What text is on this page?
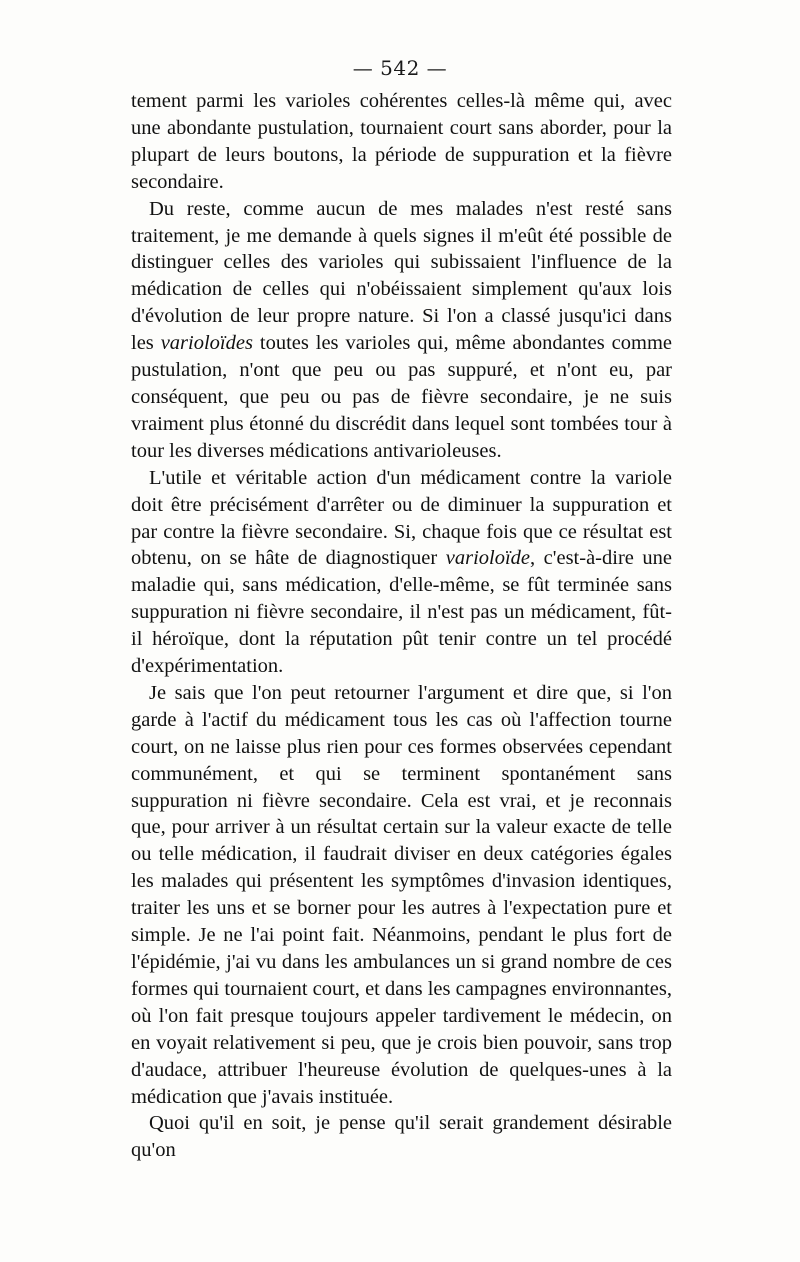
— 542 —

tement parmi les varioles cohérentes celles-là même qui, avec une abondante pustulation, tournaient court sans aborder, pour la plupart de leurs boutons, la période de suppuration et la fièvre secondaire.

Du reste, comme aucun de mes malades n'est resté sans traitement, je me demande à quels signes il m'eût été possible de distinguer celles des varioles qui subissaient l'influence de la médication de celles qui n'obéissaient simplement qu'aux lois d'évolution de leur propre nature. Si l'on a classé jusqu'ici dans les varioloïdes toutes les varioles qui, même abondantes comme pustulation, n'ont que peu ou pas suppuré, et n'ont eu, par conséquent, que peu ou pas de fièvre secondaire, je ne suis vraiment plus étonné du discrédit dans lequel sont tombées tour à tour les diverses médications antivarioleuses.

L'utile et véritable action d'un médicament contre la variole doit être précisément d'arrêter ou de diminuer la suppuration et par contre la fièvre secondaire. Si, chaque fois que ce résultat est obtenu, on se hâte de diagnostiquer varioloïde, c'est-à-dire une maladie qui, sans médication, d'elle-même, se fût terminée sans suppuration ni fièvre secondaire, il n'est pas un médicament, fût-il héroïque, dont la réputation pût tenir contre un tel procédé d'expérimentation.

Je sais que l'on peut retourner l'argument et dire que, si l'on garde à l'actif du médicament tous les cas où l'affection tourne court, on ne laisse plus rien pour ces formes observées cependant communément, et qui se terminent spontanément sans suppuration ni fièvre secondaire. Cela est vrai, et je reconnais que, pour arriver à un résultat certain sur la valeur exacte de telle ou telle médication, il faudrait diviser en deux catégories égales les malades qui présentent les symptômes d'invasion identiques, traiter les uns et se borner pour les autres à l'expectation pure et simple. Je ne l'ai point fait. Néanmoins, pendant le plus fort de l'épidémie, j'ai vu dans les ambulances un si grand nombre de ces formes qui tournaient court, et dans les campagnes environnantes, où l'on fait presque toujours appeler tardivement le médecin, on en voyait relativement si peu, que je crois bien pouvoir, sans trop d'audace, attribuer l'heureuse évolution de quelques-unes à la médication que j'avais instituée.

Quoi qu'il en soit, je pense qu'il serait grandement désirable qu'on
